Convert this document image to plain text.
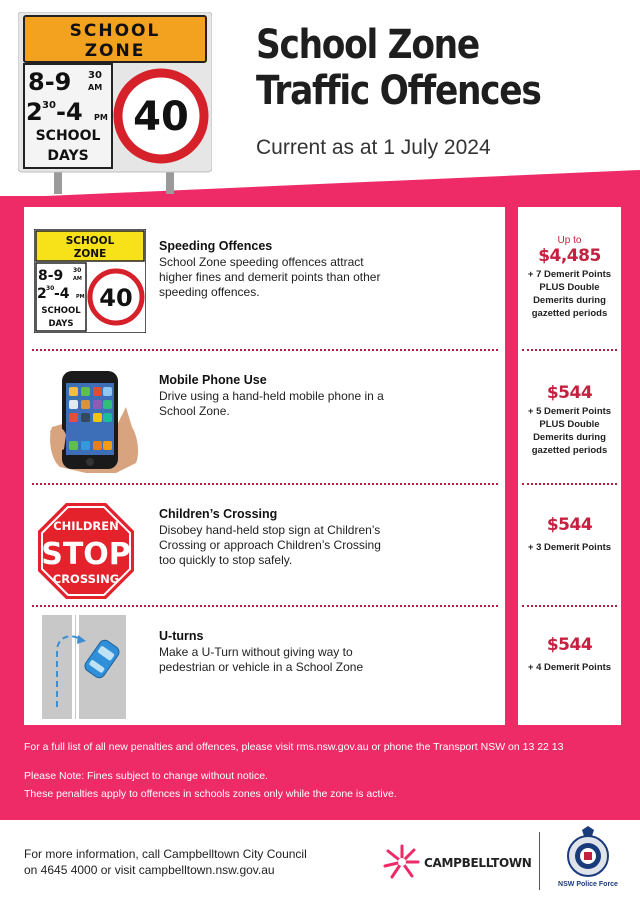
SCHOOL
ZONE
8-9 30
AM
2 30 -4 PM
SCHOOL
DAYS
40
School Zone
Traffic Offences
Current as at 1 July 2024
SCHOOL
ZONE
8-9 30
AM
2 30 -4 PM
SCHOOL
DAYS
40
Speeding Offences
School Zone speeding offences attract higher fines and demerit points than other speeding offences.
Mobile Phone Use
Drive using a hand-held mobile phone in a School Zone.
CHILDREN
STOP
CROSSING
Children’s Crossing
Disobey hand-held stop sign at Children’s Crossing or approach Children’s Crossing too quickly to stop safely.
U-turns
Make a U-Turn without giving way to pedestrian or vehicle in a School Zone
Up to
$4,485
+ 7 Demerit Points
PLUS Double
Demerits during
gazetted periods
$544
+ 5 Demerit Points
PLUS Double
Demerits during
gazetted periods
$544
+ 3 Demerit Points
$544
+ 4 Demerit Points
For a full list of all new penalties and offences, please visit rms.nsw.gov.au or phone the Transport NSW on 13 22 13
Please Note: Fines subject to change without notice.
These penalties apply to offences in schools zones only while the zone is active.
For more information, call Campbelltown City Council
on 4645 4000 or visit campbelltown.nsw.gov.au	CAMPBELLTOWN
NSW Police Force
